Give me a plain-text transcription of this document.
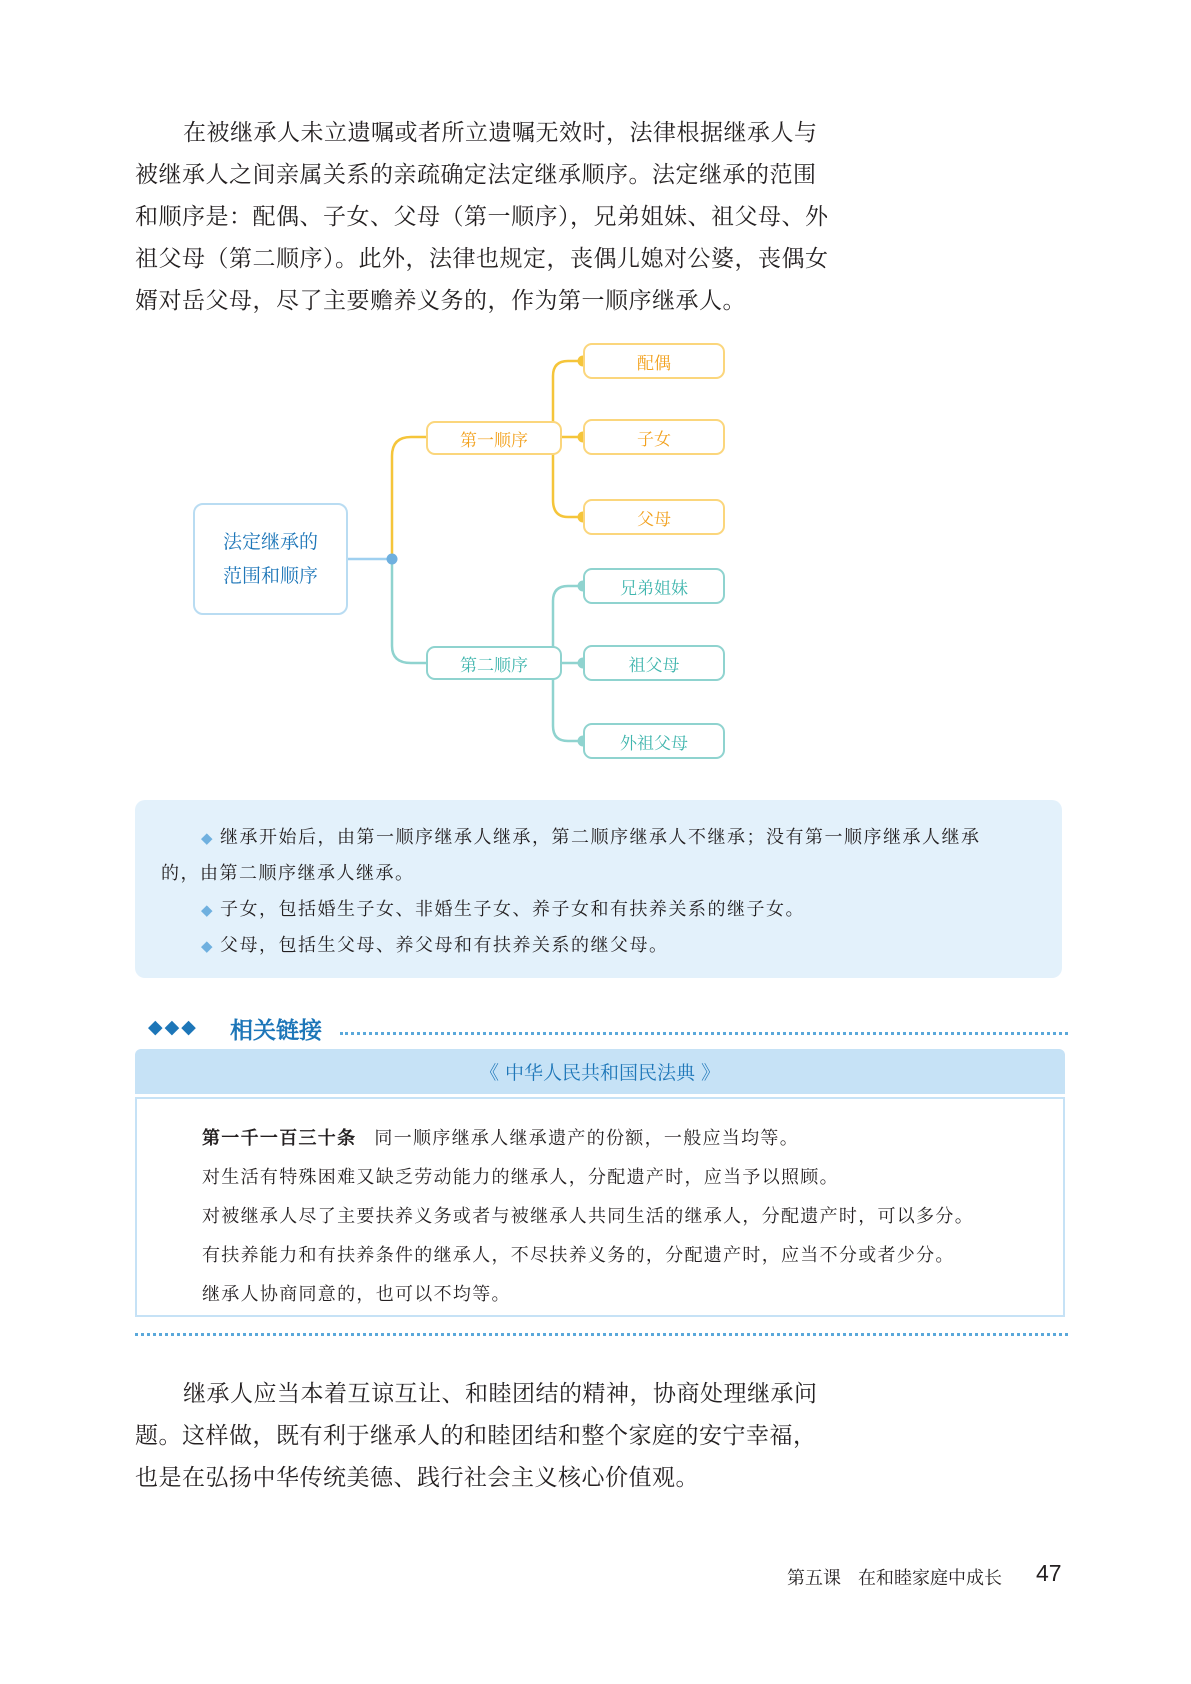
在被继承人未立遗嘱或者所立遗嘱无效时，法律根据继承人与被继承人之间亲属关系的亲疏确定法定继承顺序。法定继承的范围和顺序是：配偶、子女、父母（第一顺序），兄弟姐妹、祖父母、外祖父母（第二顺序）。此外，法律也规定，丧偶儿媳对公婆，丧偶女婿对岳父母，尽了主要赡养义务的，作为第一顺序继承人。

法定继承的
范围和顺序
第一顺序
配偶
子女
父母
第二顺序
兄弟姐妹
祖父母
外祖父母

◆ 继承开始后，由第一顺序继承人继承，第二顺序继承人不继承；没有第一顺序继承人继承

的，由第二顺序继承人继承。

◆ 子女，包括婚生子女、非婚生子女、养子女和有扶养关系的继子女。

◆ 父母，包括生父母、养父母和有扶养关系的继父母。

◆◆◆ 相关链接
《 中华人民共和国民法典 》

第一千一百三十条 同一顺序继承人继承遗产的份额，一般应当均等。

对生活有特殊困难又缺乏劳动能力的继承人，分配遗产时，应当予以照顾。

对被继承人尽了主要扶养义务或者与被继承人共同生活的继承人，分配遗产时，可以多分。

有扶养能力和有扶养条件的继承人，不尽扶养义务的，分配遗产时，应当不分或者少分。

继承人协商同意的，也可以不均等。

继承人应当本着互谅互让、和睦团结的精神，协商处理继承问题。这样做，既有利于继承人的和睦团结和整个家庭的安宁幸福，也是在弘扬中华传统美德、践行社会主义核心价值观。

第五课 在和睦家庭中成长 47
